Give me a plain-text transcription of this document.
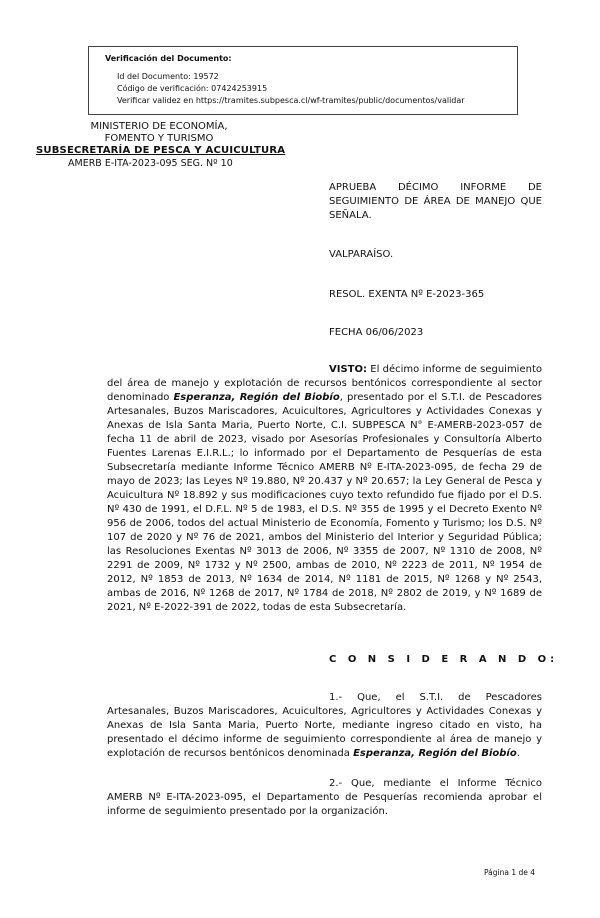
Verificación del Documento:
• Id del Documento: 19572
• Código de verificación: 07424253915
• Verificar validez en https://tramites.subpesca.cl/wf-tramites/public/documentos/validar
MINISTERIO DE ECONOMÍA,
FOMENTO Y TURISMO
SUBSECRETARÍA DE PESCA Y ACUICULTURA
AMERB E-ITA-2023-095 SEG. Nº 10
APRUEBA DÉCIMO INFORME DE SEGUIMIENTO DE ÁREA DE MANEJO QUE SEÑALA.
VALPARAÍSO.
RESOL. EXENTA Nº E-2023-365
FECHA 06/06/2023
VISTO: El décimo informe de seguimiento del área de manejo y explotación de recursos bentónicos correspondiente al sector denominado Esperanza, Región del Biobío, presentado por el S.T.I. de Pescadores Artesanales, Buzos Mariscadores, Acuicultores, Agricultores y Actividades Conexas y Anexas de Isla Santa Maria, Puerto Norte, C.I. SUBPESCA N° E-AMERB-2023-057 de fecha 11 de abril de 2023, visado por Asesorías Profesionales y Consultoría Alberto Fuentes Larenas E.I.R.L.; lo informado por el Departamento de Pesquerías de esta Subsecretaría mediante Informe Técnico AMERB Nº E-ITA-2023-095, de fecha 29 de mayo de 2023; las Leyes Nº 19.880, Nº 20.437 y Nº 20.657; la Ley General de Pesca y Acuicultura Nº 18.892 y sus modificaciones cuyo texto refundido fue fijado por el D.S. Nº 430 de 1991, el D.F.L. Nº 5 de 1983, el D.S. Nº 355 de 1995 y el Decreto Exento Nº 956 de 2006, todos del actual Ministerio de Economía, Fomento y Turismo; los D.S. Nº 107 de 2020 y Nº 76 de 2021, ambos del Ministerio del Interior y Seguridad Pública; las Resoluciones Exentas Nº 3013 de 2006, Nº 3355 de 2007, Nº 1310 de 2008, Nº 2291 de 2009, Nº 1732 y Nº 2500, ambas de 2010, Nº 2223 de 2011, Nº 1954 de 2012, Nº 1853 de 2013, Nº 1634 de 2014, Nº 1181 de 2015, Nº 1268 y Nº 2543, ambas de 2016, Nº 1268 de 2017, Nº 1784 de 2018, Nº 2802 de 2019, y Nº 1689 de 2021, Nº E-2022-391 de 2022, todas de esta Subsecretaría.
C O N S I D E R A N D O:
1.- Que, el S.T.I. de Pescadores Artesanales, Buzos Mariscadores, Acuicultores, Agricultores y Actividades Conexas y Anexas de Isla Santa Maria, Puerto Norte, mediante ingreso citado en visto, ha presentado el décimo informe de seguimiento correspondiente al área de manejo y explotación de recursos bentónicos denominada Esperanza, Región del Biobío.
2.- Que, mediante el Informe Técnico AMERB Nº E-ITA-2023-095, el Departamento de Pesquerías recomienda aprobar el informe de seguimiento presentado por la organización.
Página 1 de 4
